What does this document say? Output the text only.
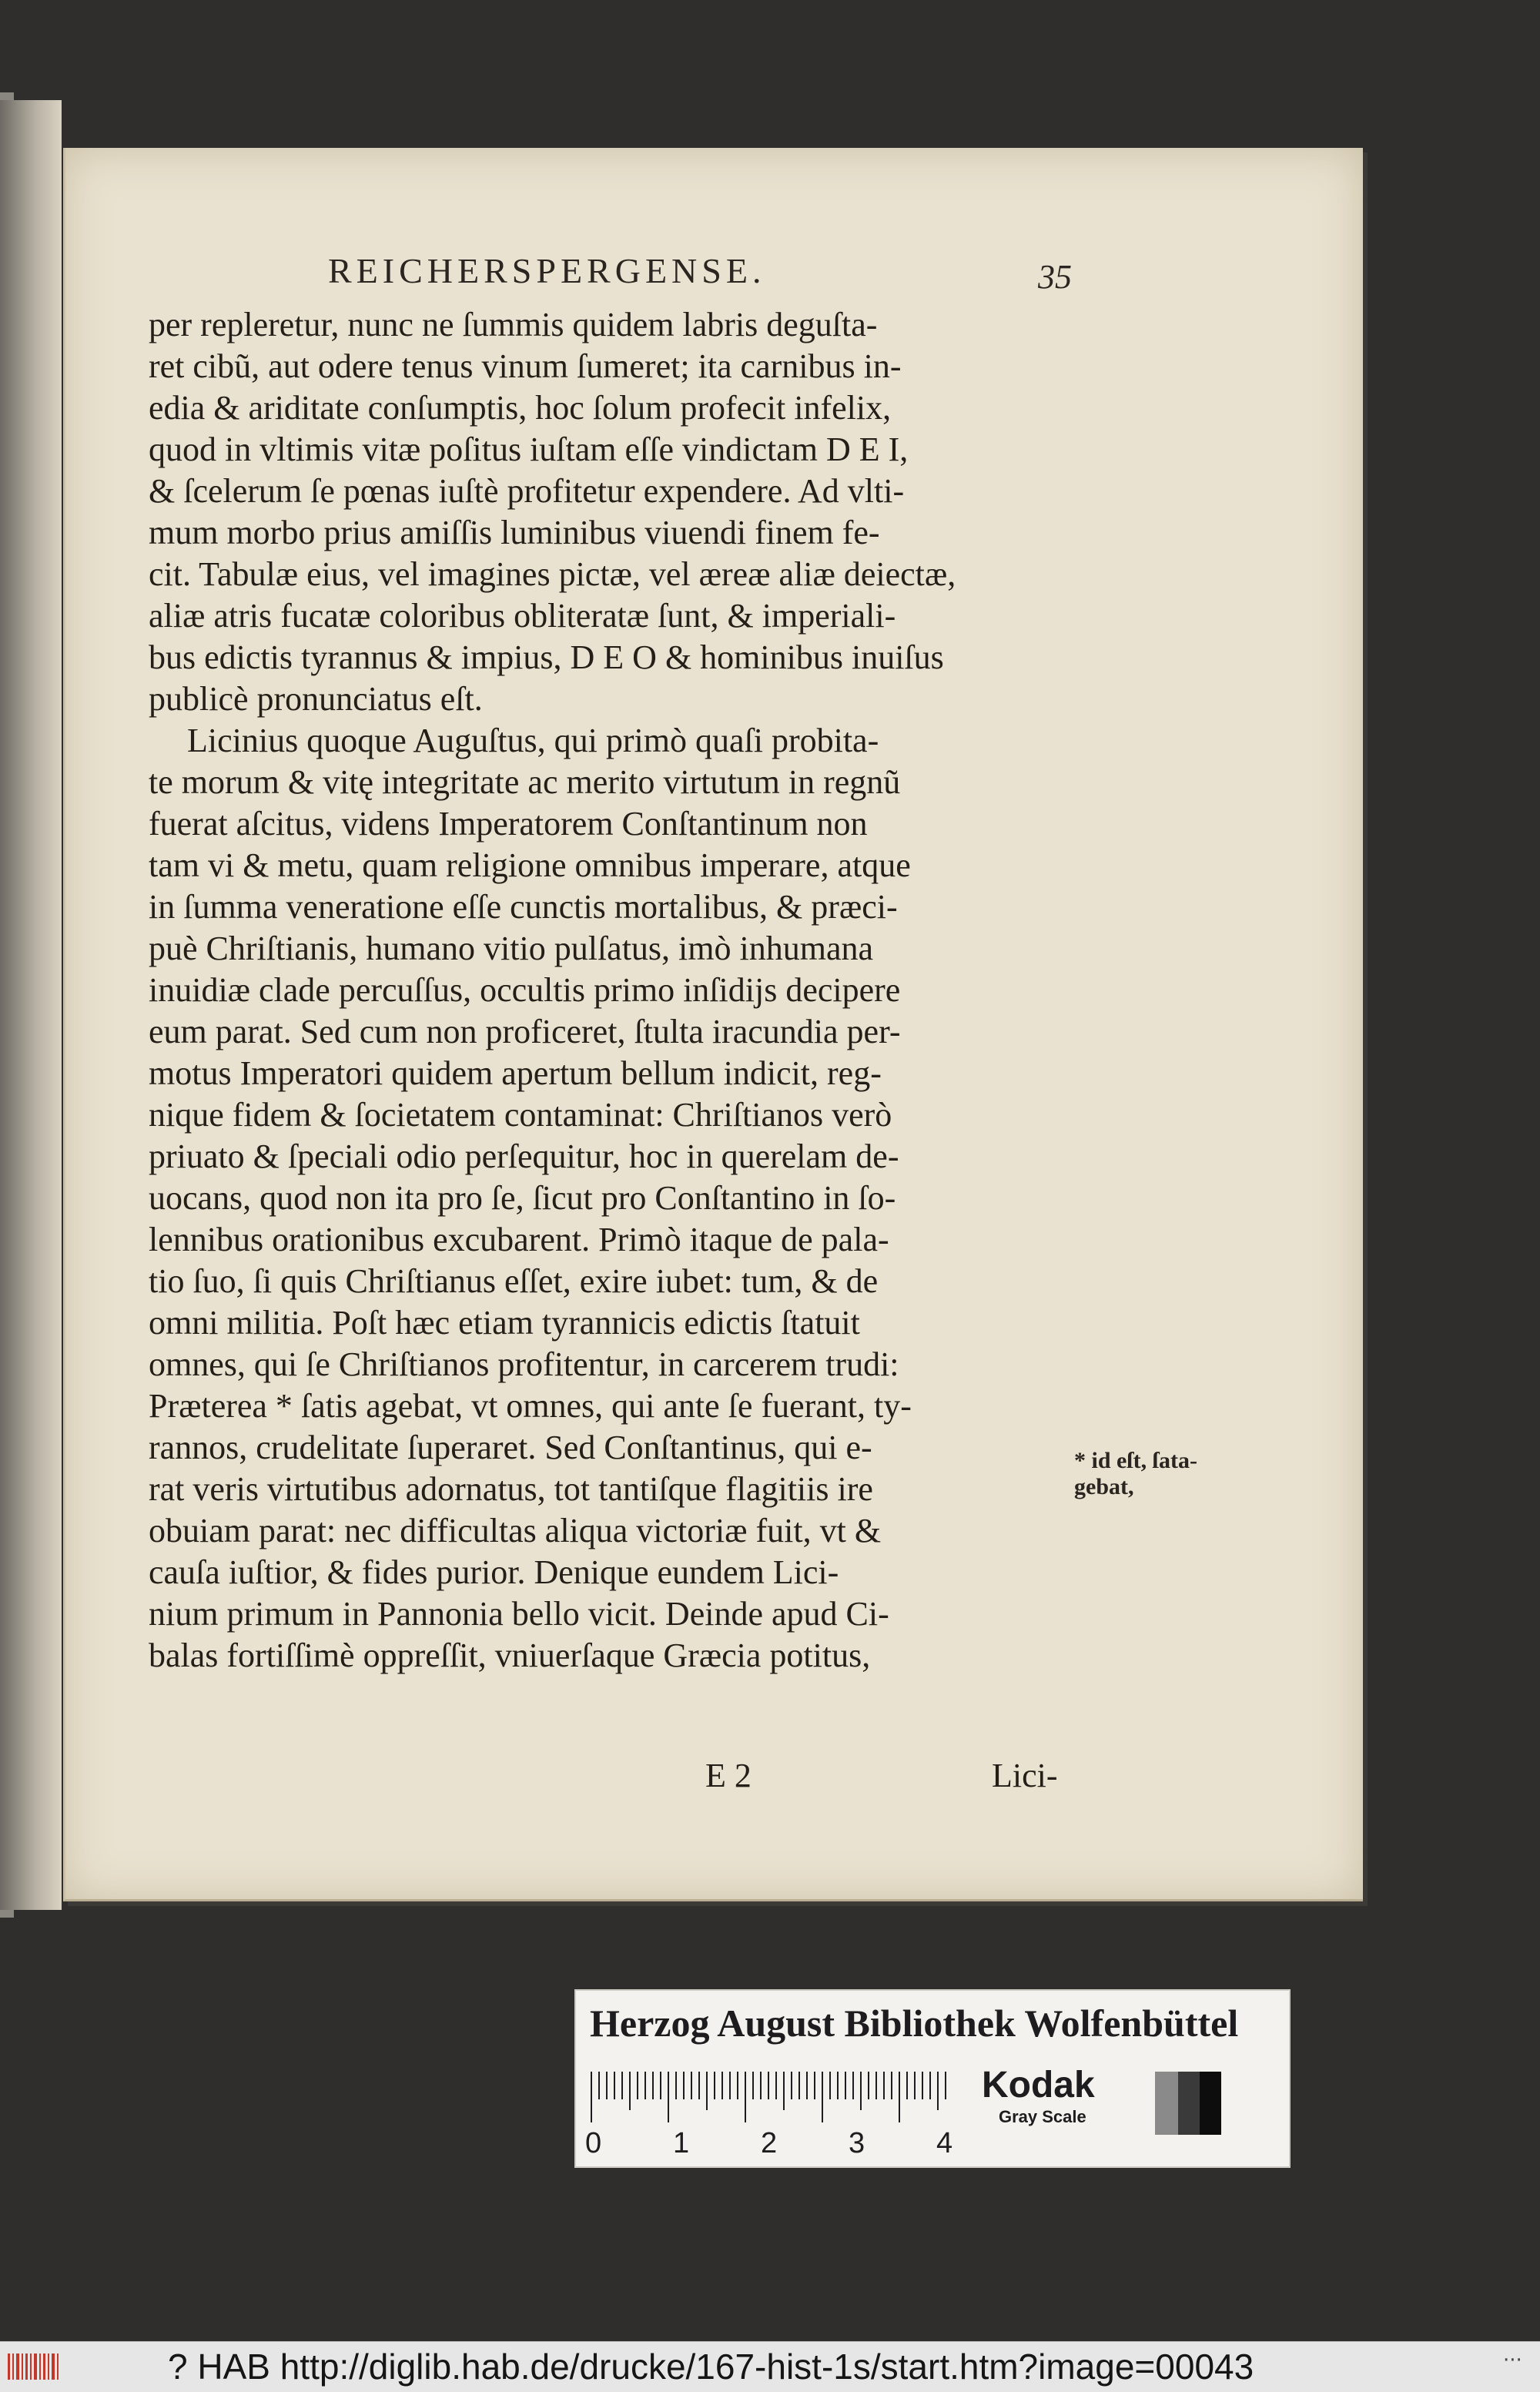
REICHERSPERGENSE.	35
per repleretur, nunc ne ſummis quidem labris deguſta-
ret cibũ, aut odere tenus vinum ſumeret; ita carnibus in-
edia & ariditate conſumptis, hoc ſolum profecit infelix,
quod in vltimis vitæ poſitus iuſtam eſſe vindictam D E I,
& ſcelerum ſe pœnas iuſtè profitetur expendere. Ad vlti-
mum morbo prius amiſſis luminibus viuendi finem fe-
cit. Tabulæ eius, vel imagines pictæ, vel æreæ aliæ deiectæ,
aliæ atris fucatæ coloribus obliteratæ ſunt, & imperiali-
bus edictis tyrannus & impius, D E O & hominibus inuiſus
publicè pronunciatus eſt.
Licinius quoque Auguſtus, qui primò quaſi probita-
te morum & vitę integritate ac merito virtutum in regnũ
fuerat aſcitus, videns Imperatorem Conſtantinum non
tam vi & metu, quam religione omnibus imperare, atque
in ſumma veneratione eſſe cunctis mortalibus, & præci-
puè Chriſtianis, humano vitio pulſatus, imò inhumana
inuidiæ clade percuſſus, occultis primo inſidijs decipere
eum parat. Sed cum non proficeret, ſtulta iracundia per-
motus Imperatori quidem apertum bellum indicit, reg-
nique fidem & ſocietatem contaminat: Chriſtianos verò
priuato & ſpeciali odio perſequitur, hoc in querelam de-
uocans, quod non ita pro ſe, ſicut pro Conſtantino in ſo-
lennibus orationibus excubarent. Primò itaque de pala-
tio ſuo, ſi quis Chriſtianus eſſet, exire iubet: tum, & de
omni militia. Poſt hæc etiam tyrannicis edictis ſtatuit
omnes, qui ſe Chriſtianos profitentur, in carcerem trudi:
Præterea * ſatis agebat, vt omnes, qui ante ſe fuerant, ty-
rannos, crudelitate ſuperaret. Sed Conſtantinus, qui e-
rat veris virtutibus adornatus, tot tantiſque flagitiis ire
obuiam parat: nec difficultas aliqua victoriæ fuit, vt &
cauſa iuſtior, & fides purior. Denique eundem Lici-
nium primum in Pannonia bello vicit. Deinde apud Ci-
balas fortiſſimè oppreſſit, vniuerſaque Græcia potitus,
* id eſt, ſata-
gebat,
E 2	Lici-
Herzog August Bibliothek Wolfenbüttel
0 1 2 3 4
Kodak
Gray Scale
? HAB http://diglib.hab.de/drucke/167-hist-1s/start.htm?image=00043	···
